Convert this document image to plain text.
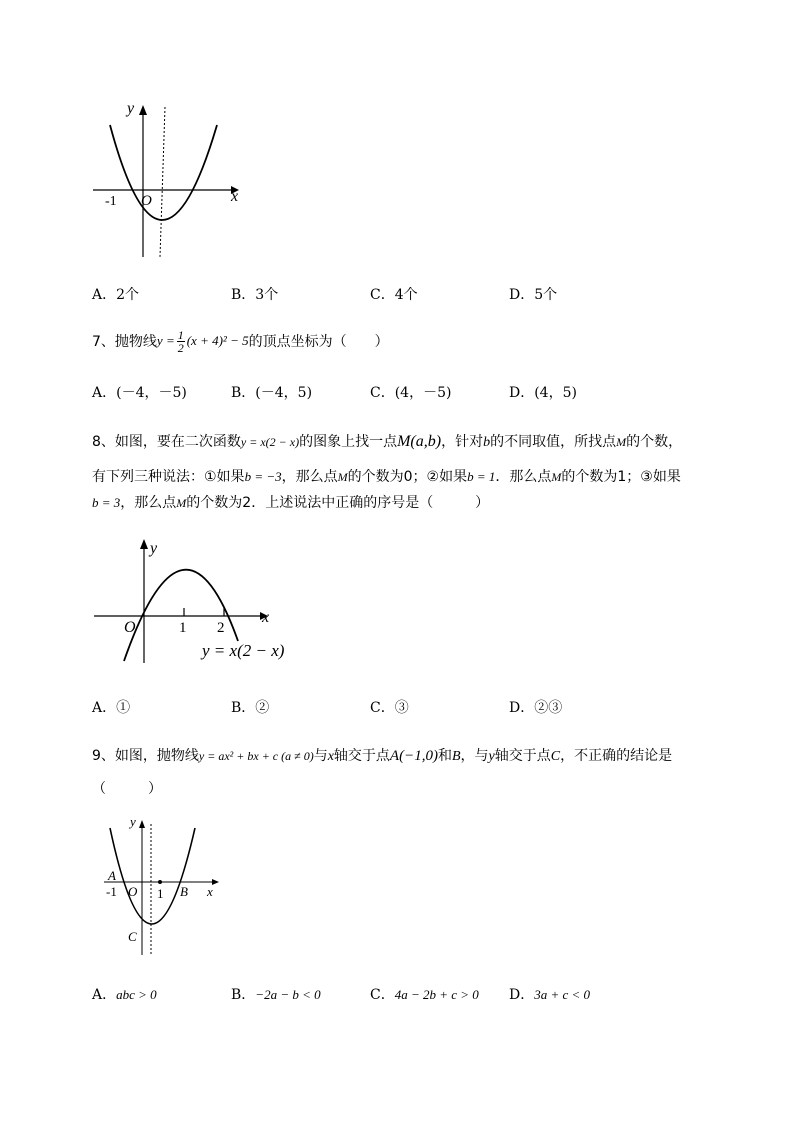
y
x
O
-1
A．2个	B．3个	C．4个	D．5个
7、抛物线 $y = \frac{1}{2} (x + 4)^2 - 5$ 的顶点坐标为（　　）
A．(－4，－5)	B．(－4，5)	C．(4，－5)	D．(4，5)
8、如图，要在二次函数y = x(2 − x)的图象上找一点M(a,b)，针对b的不同取值，所找点M的个数，
有下列三种说法：①如果b = −3，那么点M的个数为0；②如果b = 1．那么点M的个数为1；③如果
b = 3，那么点M的个数为2．上述说法中正确的序号是（　　　）
y
x
O	1 2
y = x(2 − x)
A．①	B．②	C．③	D．②③
9、如图，抛物线y = ax² + bx + c (a ≠ 0)与x轴交于点A(−1,0)和B，与y轴交于点C，不正确的结论是
（　　　）
y
x
A
-1 O 1 B
C
A．abc > 0	B．−2a − b < 0	C．4a − 2b + c > 0 D．3a + c < 0
